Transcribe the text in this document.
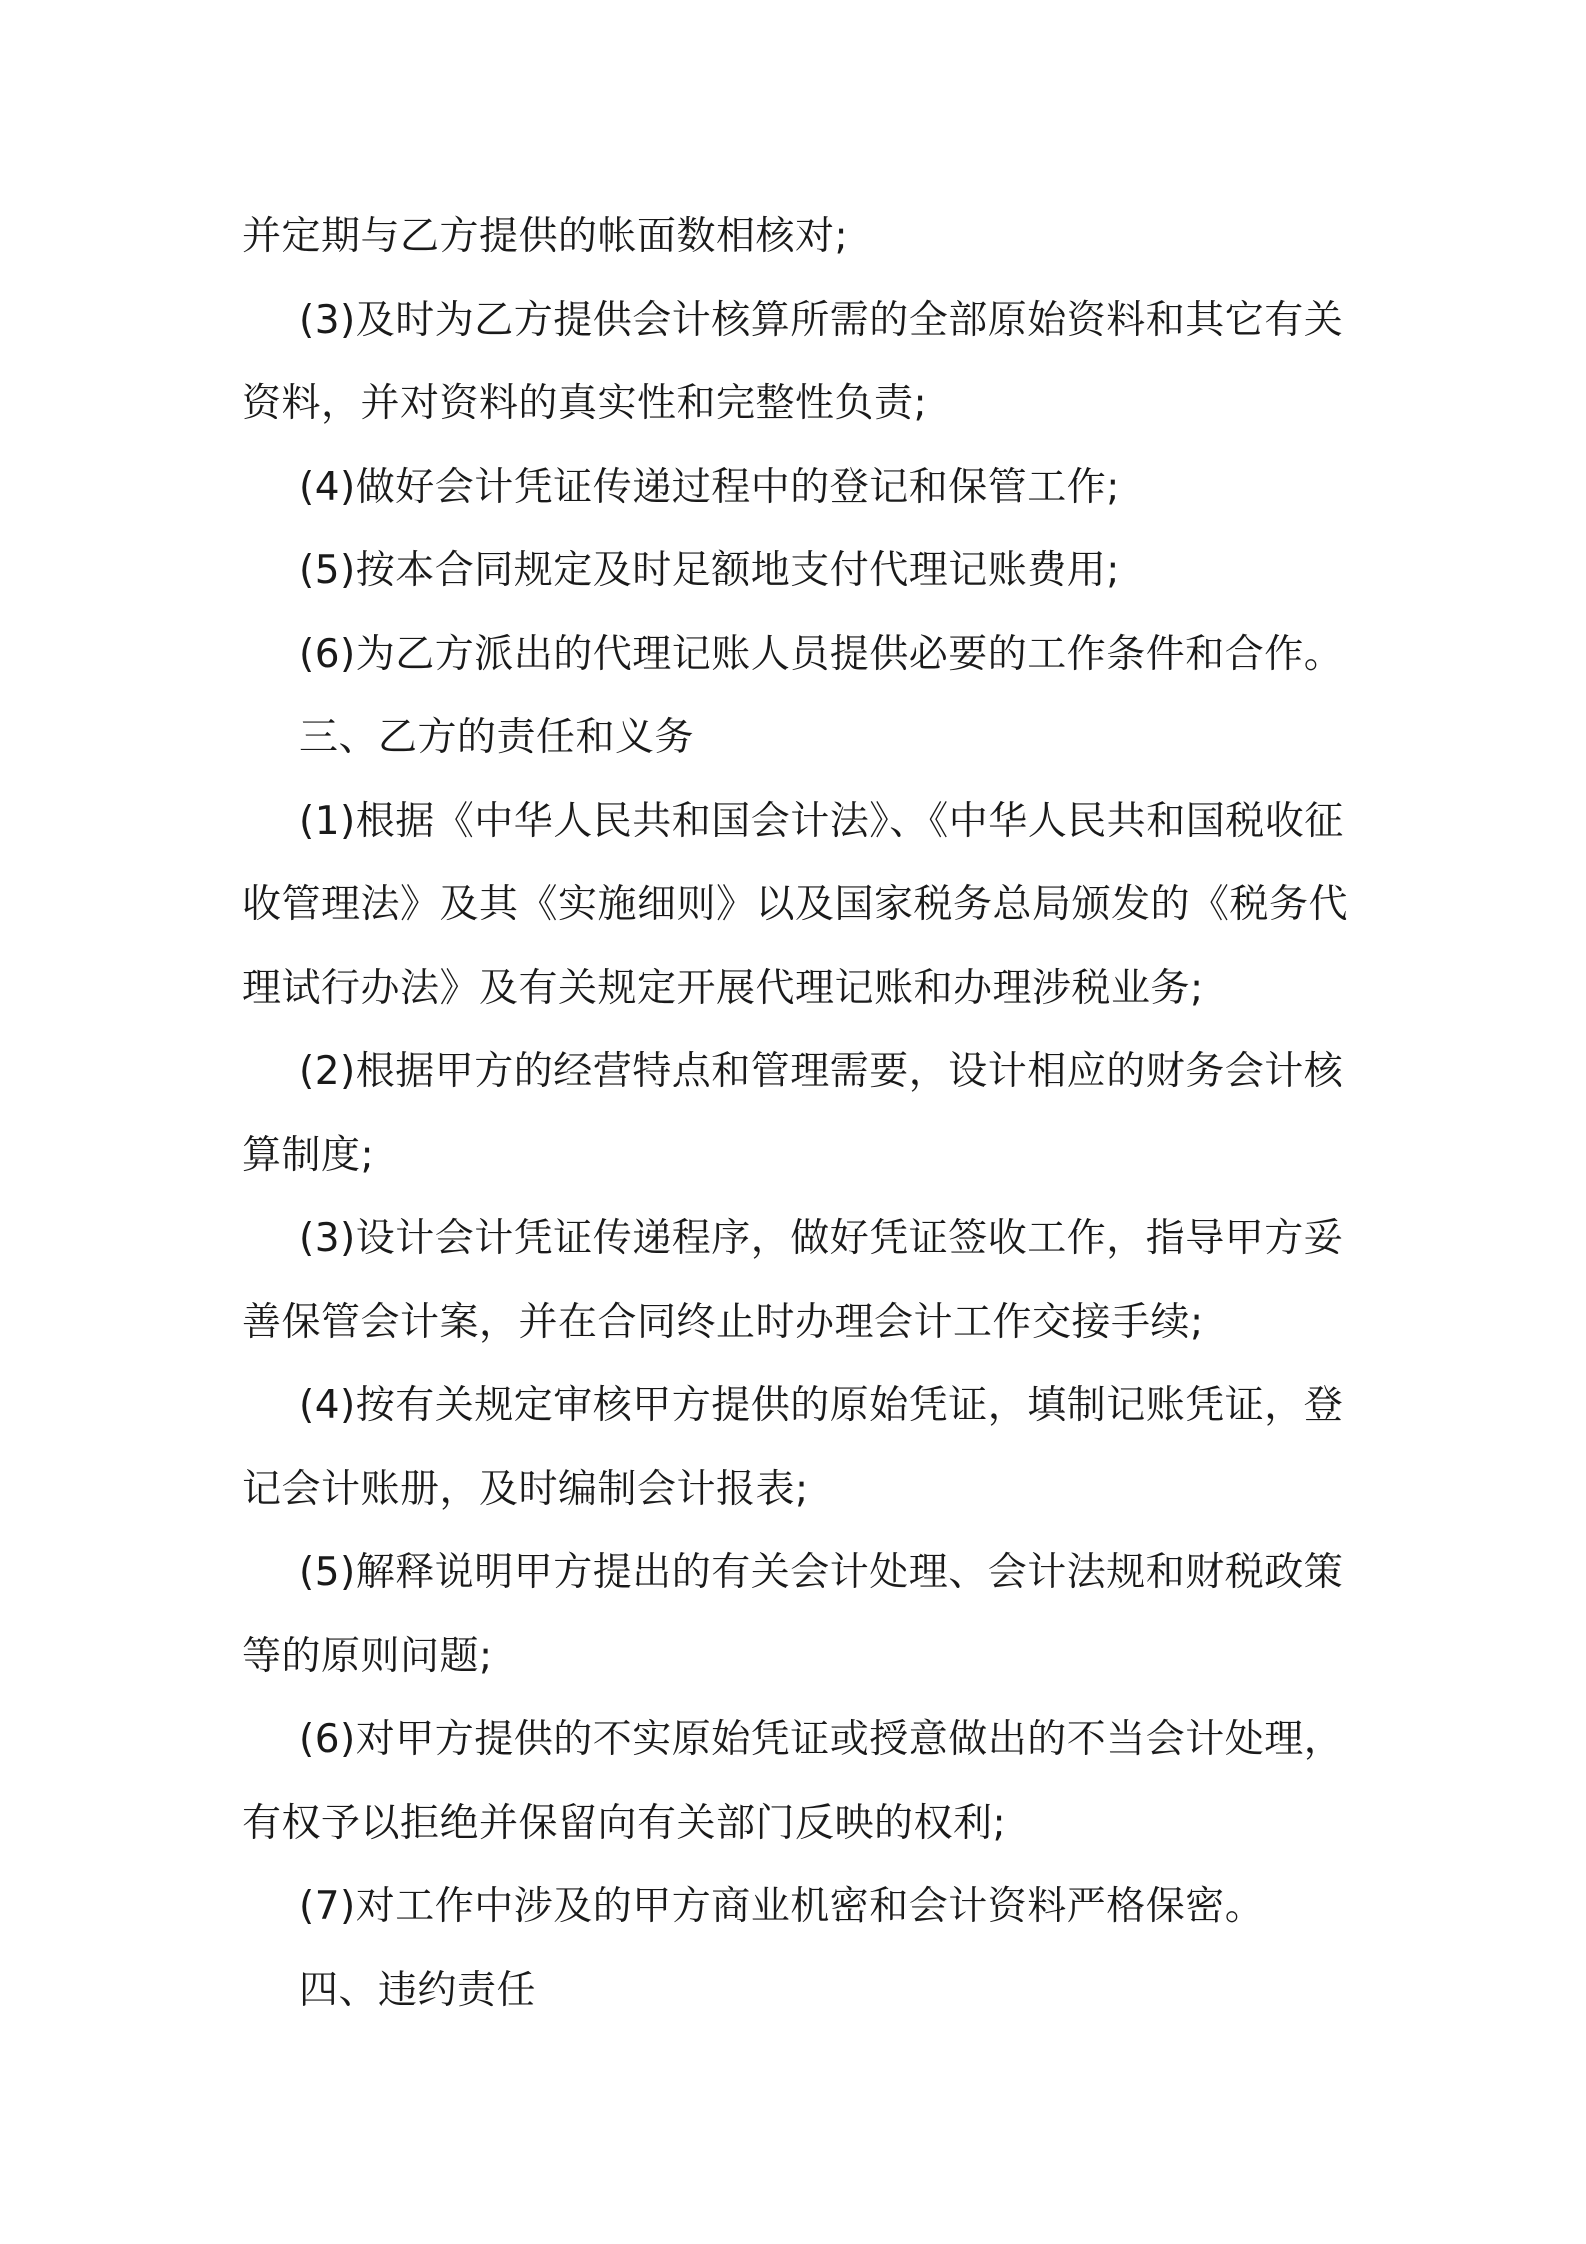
并定期与乙方提供的帐面数相核对;

(3)及时为乙方提供会计核算所需的全部原始资料和其它有关资料，并对资料的真实性和完整性负责;

(4)做好会计凭证传递过程中的登记和保管工作;

(5)按本合同规定及时足额地支付代理记账费用;

(6)为乙方派出的代理记账人员提供必要的工作条件和合作。

三、乙方的责任和义务

(1)根据《中华人民共和国会计法》、《中华人民共和国税收征收管理法》及其《实施细则》以及国家税务总局颁发的《税务代理试行办法》及有关规定开展代理记账和办理涉税业务;

(2)根据甲方的经营特点和管理需要，设计相应的财务会计核算制度;

(3)设计会计凭证传递程序，做好凭证签收工作，指导甲方妥善保管会计案，并在合同终止时办理会计工作交接手续;

(4)按有关规定审核甲方提供的原始凭证，填制记账凭证，登记会计账册，及时编制会计报表;

(5)解释说明甲方提出的有关会计处理、会计法规和财税政策等的原则问题;

(6)对甲方提供的不实原始凭证或授意做出的不当会计处理，有权予以拒绝并保留向有关部门反映的权利;

(7)对工作中涉及的甲方商业机密和会计资料严格保密。

四、违约责任
